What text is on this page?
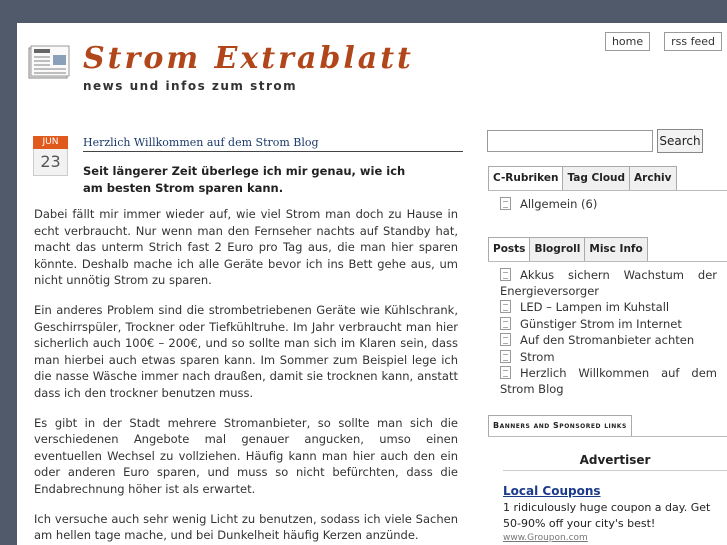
home	rss feed
Strom Extrablatt
news und infos zum strom
JUN
23
Herzlich Willkommen auf dem Strom Blog
Seit längerer Zeit überlege ich mir genau, wie ich am besten Strom sparen kann.

Dabei fällt mir immer wieder auf, wie viel Strom man doch zu Hause in echt verbraucht. Nur wenn man den Fernseher nachts auf Standby hat, macht das unterm Strich fast 2 Euro pro Tag aus, die man hier sparen könnte. Deshalb mache ich alle Geräte bevor ich ins Bett gehe aus, um nicht unnötig Strom zu sparen.

Ein anderes Problem sind die strombetriebenen Geräte wie Kühlschrank, Geschirrspüler, Trockner oder Tiefkühltruhe. Im Jahr verbraucht man hier sicherlich auch 100€ – 200€, und so sollte man sich im Klaren sein, dass man hierbei auch etwas sparen kann. Im Sommer zum Beispiel lege ich die nasse Wäsche immer nach draußen, damit sie trocknen kann, anstatt dass ich den trockner benutzen muss.

Es gibt in der Stadt mehrere Stromanbieter, so sollte man sich die verschiedenen Angebote mal genauer angucken, umso einen eventuellen Wechsel zu vollziehen. Häufig kann man hier auch den ein oder anderen Euro sparen, und muss so nicht befürchten, dass die Endabrechnung höher ist als erwartet.

Ich versuche auch sehr wenig Licht zu benutzen, sodass ich viele Sachen am hellen tage mache, und bei Dunkelheit häufig Kerzen anzünde.

Search
C-Rubriken Tag Cloud Archiv
Allgemein (6)
Posts Blogroll Misc Info
Akkus sichern Wachstum der Energieversorger
LED – Lampen im Kuhstall
Günstiger Strom im Internet
Auf den Stromanbieter achten
Strom
Herzlich Willkommen auf dem Strom Blog
Banners and Sponsored links
Advertiser
Local Coupons
1 ridiculously huge coupon a day. Get 50-90% off your city's best!
www.Groupon.com
